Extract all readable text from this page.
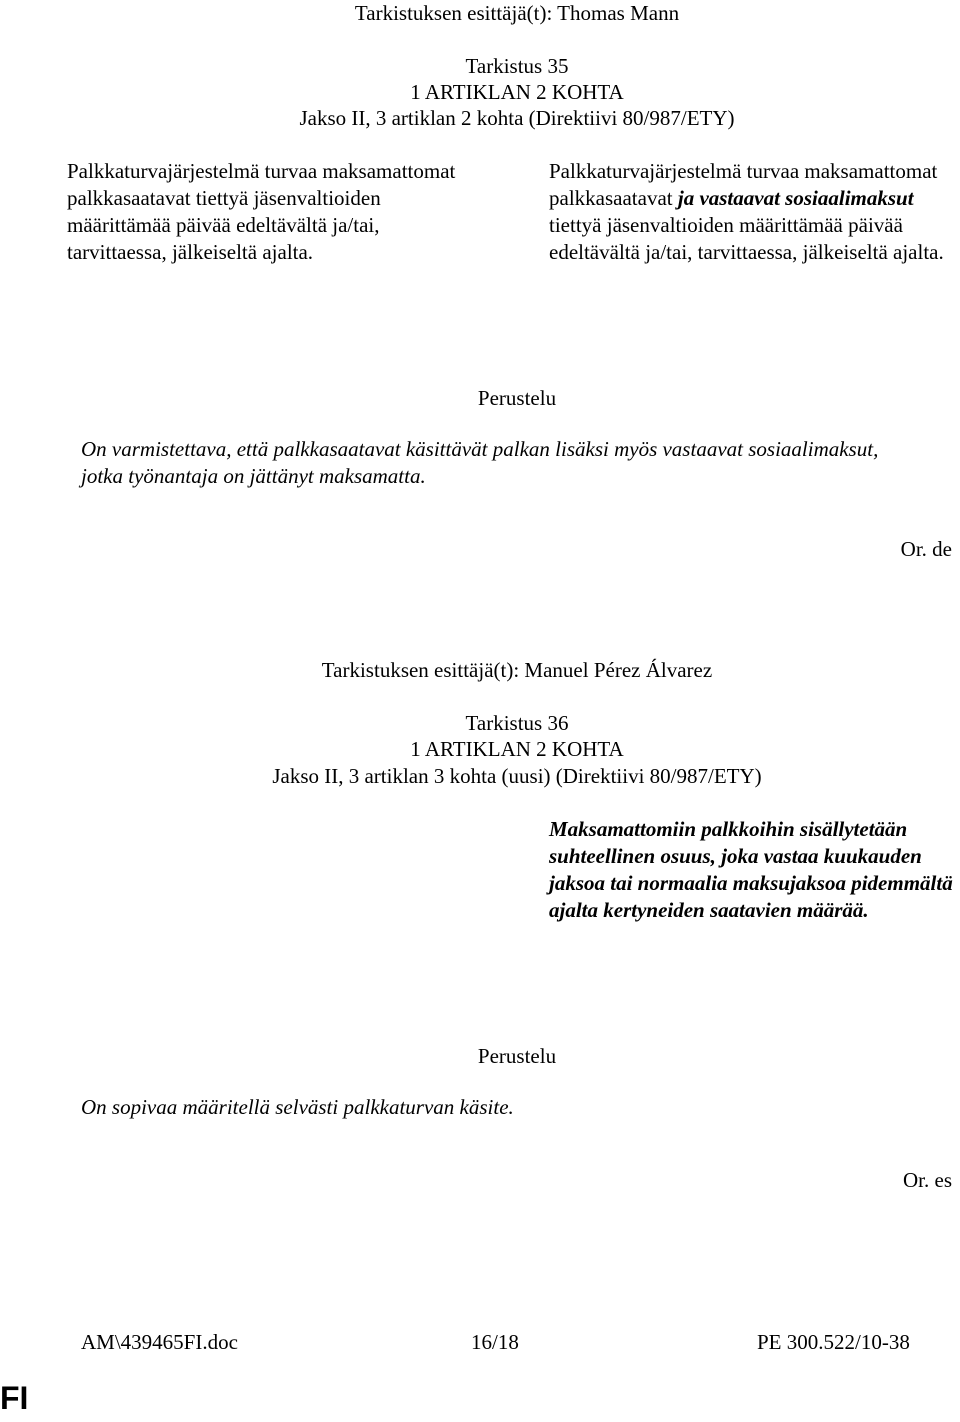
Tarkistuksen esittäjä(t): Thomas Mann
Tarkistus 35
1 ARTIKLAN 2 KOHTA
Jakso II, 3 artiklan 2 kohta (Direktiivi 80/987/ETY)
Palkkaturvajärjestelmä turvaa maksamattomat palkkasaatavat tiettyä jäsenvaltioiden määrittämää päivää edeltävältä ja/tai, tarvittaessa, jälkeiseltä ajalta.
Palkkaturvajärjestelmä turvaa maksamattomat palkkasaatavat ja vastaavat sosiaalimaksut tiettyä jäsenvaltioiden määrittämää päivää edeltävältä ja/tai, tarvittaessa, jälkeiseltä ajalta.
Perustelu
On varmistettava, että palkkasaatavat käsittävät palkan lisäksi myös vastaavat sosiaalimaksut, jotka työnantaja on jättänyt maksamatta.
Or. de
Tarkistuksen esittäjä(t): Manuel Pérez Álvarez
Tarkistus 36
1 ARTIKLAN 2 KOHTA
Jakso II, 3 artiklan 3 kohta (uusi) (Direktiivi 80/987/ETY)
Maksamattomiin palkkoihin sisällytetään suhteellinen osuus, joka vastaa kuukauden jaksoa tai normaalia maksujaksoa pidemmältä ajalta kertyneiden saatavien määrää.
Perustelu
On sopivaa määritellä selvästi palkkaturvan käsite.
Or. es
AM\439465FI.doc	16/18	PE 300.522/10-38
FI
